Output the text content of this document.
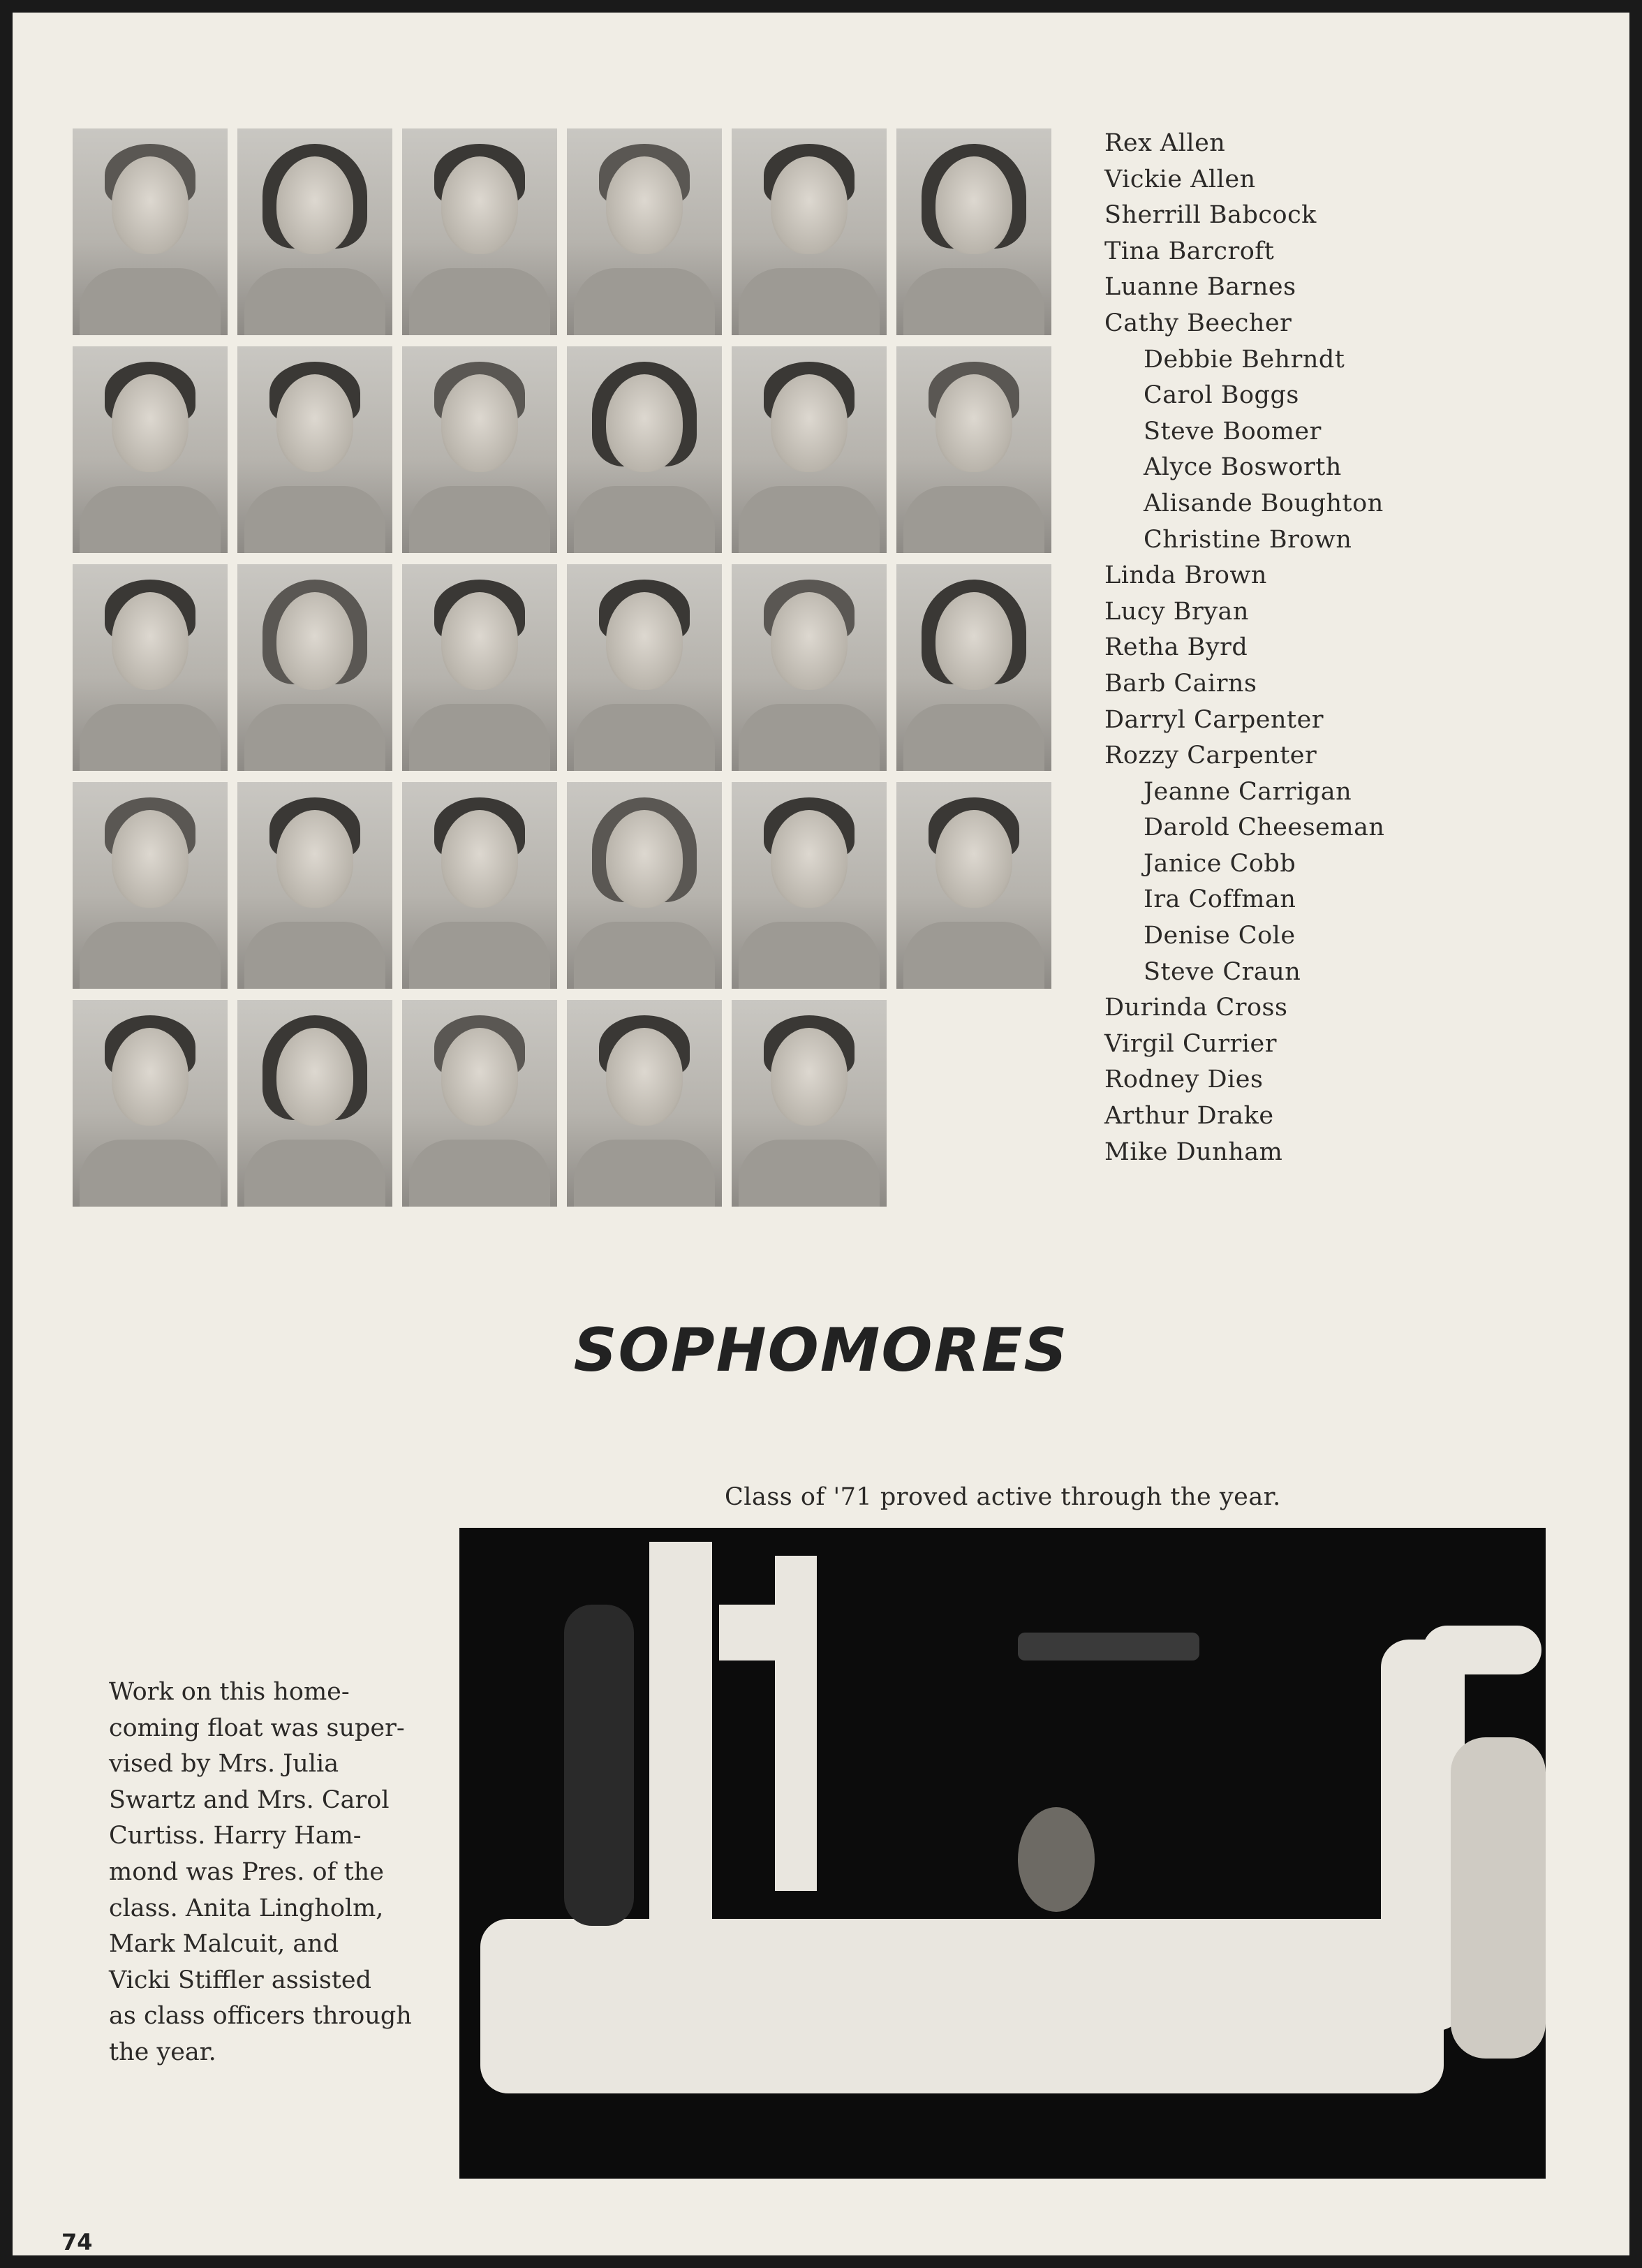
Rex Allen
Vickie Allen
Sherrill Babcock
Tina Barcroft
Luanne Barnes
Cathy Beecher
Debbie Behrndt
Carol Boggs
Steve Boomer
Alyce Bosworth
Alisande Boughton
Christine Brown
Linda Brown
Lucy Bryan
Retha Byrd
Barb Cairns
Darryl Carpenter
Rozzy Carpenter
Jeanne Carrigan
Darold Cheeseman
Janice Cobb
Ira Coffman
Denise Cole
Steve Craun
Durinda Cross
Virgil Currier
Rodney Dies
Arthur Drake
Mike Dunham
SOPHOMORES
Class of '71 proved active through the year.
Work on this home-
coming float was super-
vised by Mrs. Julia
Swartz and Mrs. Carol
Curtiss. Harry Ham-
mond was Pres. of the
class. Anita Lingholm,
Mark Malcuit, and
Vicki Stiffler assisted
as class officers through
the year.
74
